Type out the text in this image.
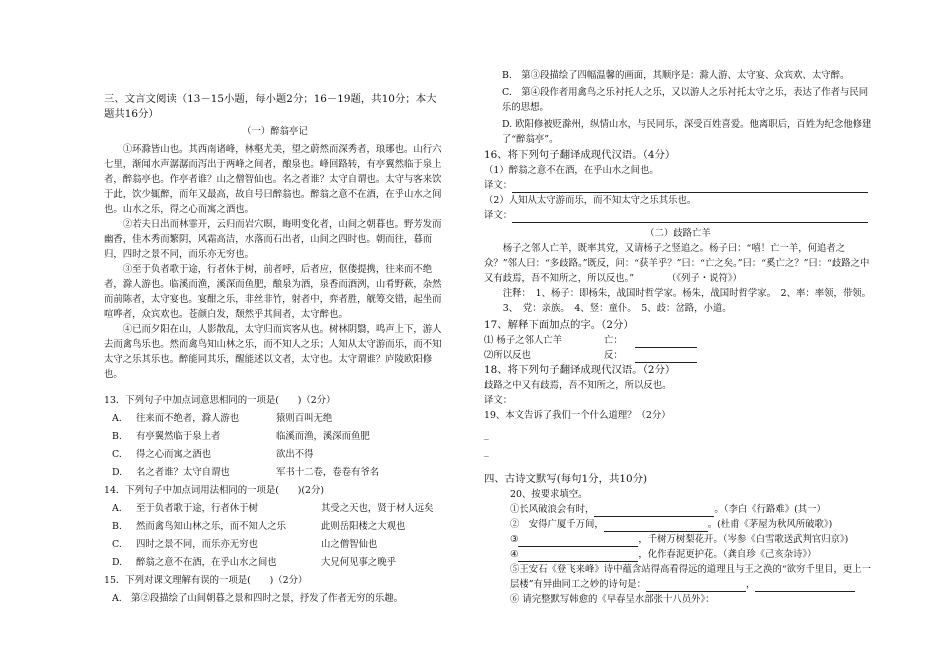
三、文言文阅读（13－15小题，每小题2分；16－19题，共10分；本大题共16分）

（一）醉翁亭记

①环滁皆山也。其西南诸峰，林壑尤美，望之蔚然而深秀者，琅琊也。山行六七里，渐闻水声潺潺而泻出于两峰之间者，酿泉也。峰回路转，有亭翼然临于泉上者，醉翁亭也。作亭者谁？山之僧智仙也。名之者谁？太守自谓也。太守与客来饮于此，饮少辄醉，而年又最高，故自号曰醉翁也。醉翁之意不在酒，在乎山水之间也。山水之乐，得之心而寓之酒也。

②若夫日出而林霏开，云归而岩穴暝，晦明变化者，山间之朝暮也。野芳发而幽香，佳木秀而繁阴，风霜高洁，水落而石出者，山间之四时也。朝而往，暮而归，四时之景不同，而乐亦无穷也。

③至于负者歌于途，行者休于树，前者呼，后者应，伛偻提携，往来而不绝者，滁人游也。临溪而渔，溪深而鱼肥，酿泉为酒，泉香而酒洌，山肴野蔌，杂然而前陈者，太守宴也。宴酣之乐，非丝非竹，射者中，弈者胜，觥筹交错，起坐而喧哗者，众宾欢也。苍颜白发，颓然乎其间者，太守醉也。

④已而夕阳在山，人影散乱，太守归而宾客从也。树林阴翳，鸣声上下，游人去而禽鸟乐也。然而禽鸟知山林之乐，而不知人之乐；人知从太守游而乐，而不知太守之乐其乐也。醉能同其乐，醒能述以文者，太守也。太守谓谁？庐陵欧阳修也。

13．下列句子中加点词意思相同的一项是(　　)（2分）

A.	往来而不绝者，滁人游也	猿则百叫无绝
B.	有亭翼然临于泉上者	临溪而渔，溪深而鱼肥
C.	得之心而寓之酒也	欲出不得
D.	名之者谁？太守自谓也	军书十二卷，卷卷有爷名

14．下列句子中加点词用法相同的一项是(　　)(2分)

A.	至于负者歌于途，行者休于树	其受之天也，贤于材人远矣
B.	然而禽鸟知山林之乐，而不知人之乐	此则岳阳楼之大观也
C.	四时之景不同，而乐亦无穷也	山之僧智仙也
D.	醉翁之意不在酒，在乎山水之间也	大兄何见事之晚乎

15．下列对课文理解有误的一项是(　　)（2分）

A.　第②段描绘了山间朝暮之景和四时之景，抒发了作者无穷的乐趣。

B.　第③段描绘了四幅温馨的画面，其顺序是：滁人游、太守宴、众宾欢、太守醉。

C.　第④段作者用禽鸟之乐衬托人之乐，又以游人之乐衬托太守之乐，表达了作者与民同乐的思想。

D. 欧阳修被贬滁州，纵情山水，与民同乐，深受百姓喜爱。他离职后，百姓为纪念他修建了“醉翁亭”。

16、将下列句子翻译成现代汉语。（4分）

（1）醉翁之意不在酒，在乎山水之间也。

译文：

（2）人知从太守游而乐，而不知太守之乐其乐也。

译文：

（二）歧路亡羊

杨子之邻人亡羊，既率其党，又请杨子之竖追之。杨子曰：“嘻！亡一羊，何追者之众？”邻人曰：“多歧路。”既反，问：“获羊乎？”曰：“亡之矣。”曰：“奚亡之？”曰：“歧路之中又有歧焉，吾不知所之，所以反也。”　　　　（《列子・说符》）

注释：　1、杨子：即杨朱，战国时哲学家。杨朱，战国时哲学家。　2、率：率领，带领。

3、　党：亲族。　4、竖：童仆。　5、歧：岔路，小道。

17、解释下面加点的字。（2分）

⑴ 杨子之邻人亡羊	亡：

⑵所以反也	反：

18、将下列句子翻译成现代汉语。（2分）

歧路之中又有歧焉，吾不知所之，所以反也。

译文：

19、本文告诉了我们一个什么道理？（2分）

_

_

四、古诗文默写(每句1分，共10分)

20、按要求填空。

①长风破浪会有时，	。（李白《行路难》(其一）

②　安得广厦千万间，	。(杜甫《茅屋为秋风所破歌》)

③	，千树万树梨花开。（岑参《白雪歌送武判官归京》)

④	，化作春泥更护花。（龚自珍《己亥杂诗》）

⑤王安石《登飞来峰》诗中蕴含站得高看得远的道理且与王之涣的“欲穷千里目，更上一层楼”有异曲同工之妙的诗句是：	，

⑥ 请完整默写韩愈的《早春呈水部张十八员外》：
